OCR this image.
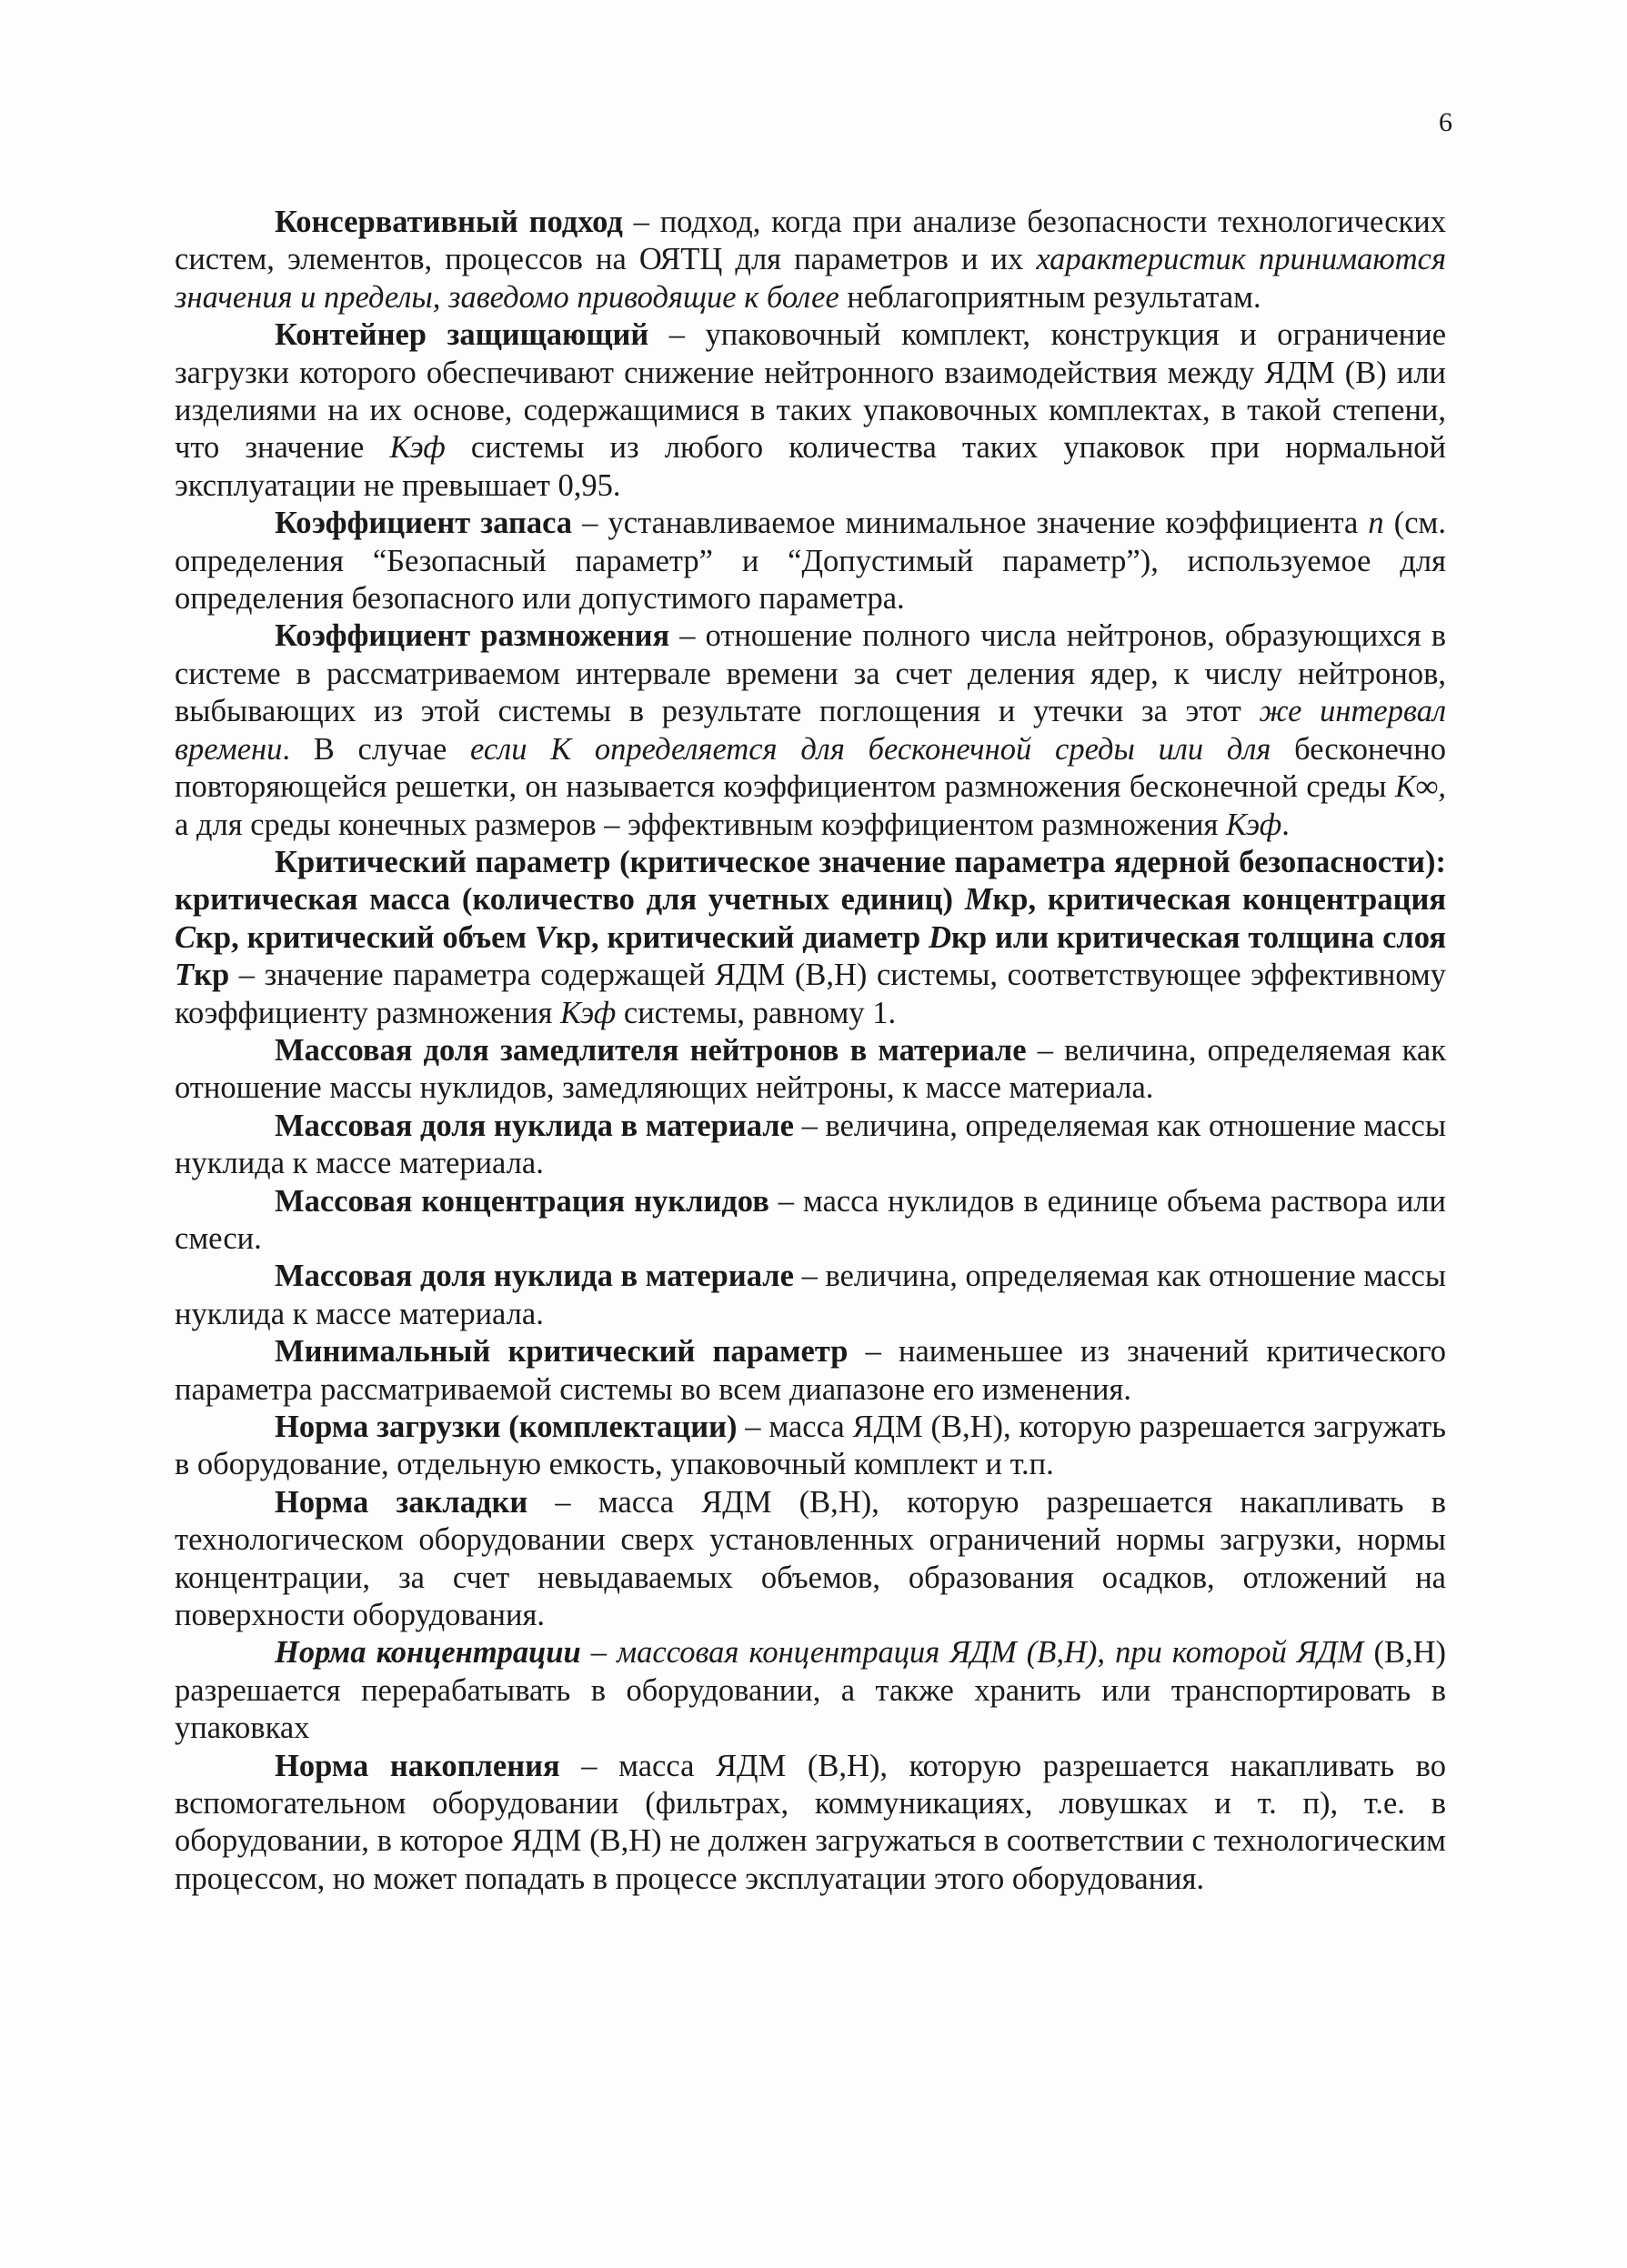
6

Консервативный подход – подход, когда при анализе безопасности технологических систем, элементов, процессов на ОЯТЦ для параметров и их характеристик принимаются значения и пределы, заведомо приводящие к более неблагоприятным результатам.

Контейнер защищающий – упаковочный комплект, конструкция и ограничение загрузки которого обеспечивают снижение нейтронного взаимодействия между ЯДМ (В) или изделиями на их основе, содержащимися в таких упаковочных комплектах, в такой степени, что значение Кэф системы из любого количества таких упаковок при нормальной эксплуатации не превышает 0,95.

Коэффициент запаса – устанавливаемое минимальное значение коэффициента n (см. определения “Безопасный параметр” и “Допустимый параметр”), используемое для определения безопасного или допустимого параметра.

Коэффициент размножения – отношение полного числа нейтронов, образующихся в системе в рассматриваемом интервале времени за счет деления ядер, к числу нейтронов, выбывающих из этой системы в результате поглощения и утечки за этот же интервал времени. В случае если К определяется для бесконечной среды или для бесконечно повторяющейся решетки, он называется коэффициентом размножения бесконечной среды К∞, а для среды конечных размеров – эффективным коэффициентом размножения Кэф.

Критический параметр (критическое значение параметра ядерной безопасности): критическая масса (количество для учетных единиц) Мкр, критическая концентрация Скр, критический объем Vкр, критический диаметр Dкр или критическая толщина слоя Ткр – значение параметра содержащей ЯДМ (В,Н) системы, соответствующее эффективному коэффициенту размножения Кэф системы, равному 1.

Массовая доля замедлителя нейтронов в материале – величина, определяемая как отношение массы нуклидов, замедляющих нейтроны, к массе материала.

Массовая доля нуклида в материале – величина, определяемая как отношение массы нуклида к массе материала.

Массовая концентрация нуклидов – масса нуклидов в единице объема раствора или смеси.

Массовая доля нуклида в материале – величина, определяемая как отношение массы нуклида к массе материала.

Минимальный критический параметр – наименьшее из значений критического параметра рассматриваемой системы во всем диапазоне его изменения.

Норма загрузки (комплектации) – масса ЯДМ (В,Н), которую разрешается загружать в оборудование, отдельную емкость, упаковочный комплект и т.п.

Норма закладки – масса ЯДМ (В,Н), которую разрешается накапливать в технологическом оборудовании сверх установленных ограничений нормы загрузки, нормы концентрации, за счет невыдаваемых объемов, образования осадков, отложений на поверхности оборудования.

Норма концентрации – массовая концентрация ЯДМ (В,Н), при которой ЯДМ (В,Н) разрешается перерабатывать в оборудовании, а также хранить или транспортировать в упаковках

Норма накопления – масса ЯДМ (В,Н), которую разрешается накапливать во вспомогательном оборудовании (фильтрах, коммуникациях, ловушках и т. п), т.е. в оборудовании, в которое ЯДМ (В,Н) не должен загружаться в соответствии с технологическим процессом, но может попадать в процессе эксплуатации этого оборудования.
